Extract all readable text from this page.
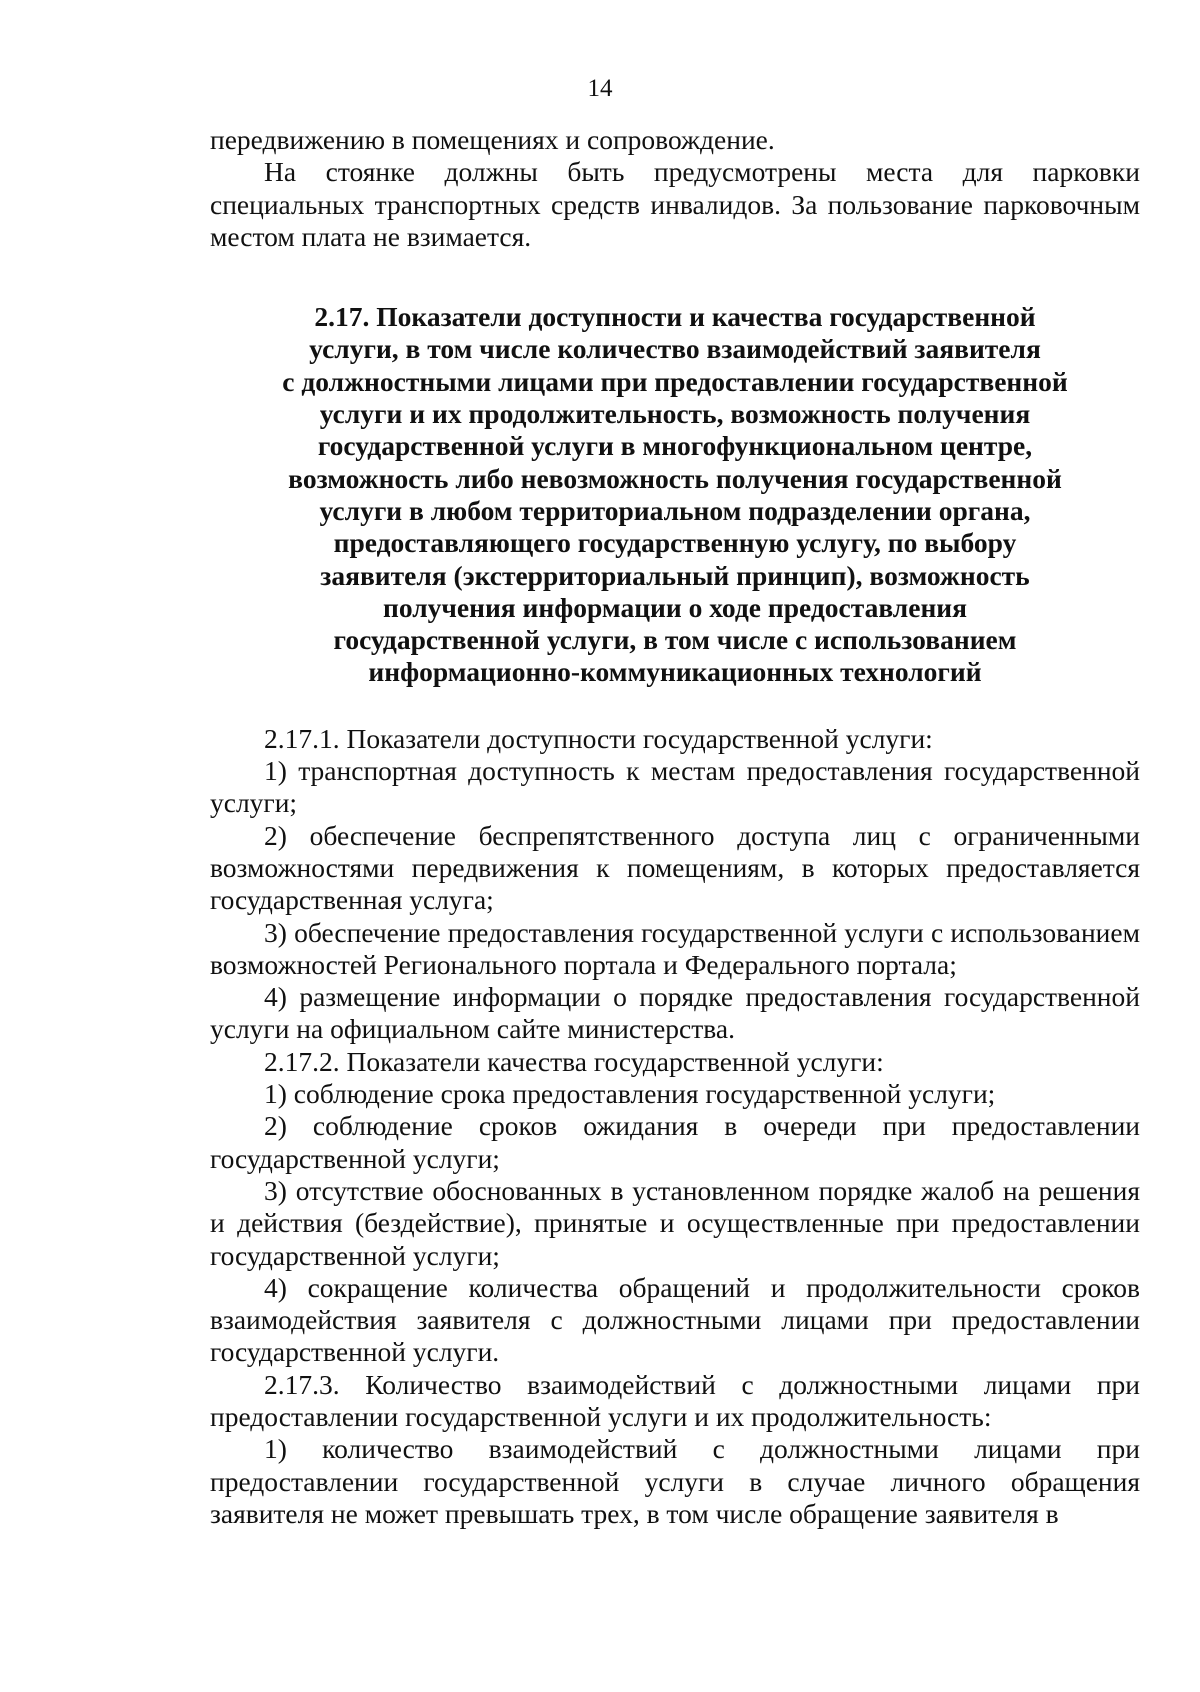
14

передвижению в помещениях и сопровождение.

На стоянке должны быть предусмотрены места для парковки специальных транспортных средств инвалидов. За пользование парковочным местом плата не взимается.

2.17. Показатели доступности и качества государственной
услуги, в том числе количество взаимодействий заявителя
с должностными лицами при предоставлении государственной
услуги и их продолжительность, возможность получения
государственной услуги в многофункциональном центре,
возможность либо невозможность получения государственной
услуги в любом территориальном подразделении органа,
предоставляющего государственную услугу, по выбору
заявителя (экстерриториальный принцип), возможность
получения информации о ходе предоставления
государственной услуги, в том числе с использованием
информационно-коммуникационных технологий

2.17.1. Показатели доступности государственной услуги:

1) транспортная доступность к местам предоставления государственной услуги;

2) обеспечение беспрепятственного доступа лиц с ограниченными возможностями передвижения к помещениям, в которых предоставляется государственная услуга;

3) обеспечение предоставления государственной услуги с использованием возможностей Регионального портала и Федерального портала;

4) размещение информации о порядке предоставления государственной услуги на официальном сайте министерства.

2.17.2. Показатели качества государственной услуги:

1) соблюдение срока предоставления государственной услуги;

2) соблюдение сроков ожидания в очереди при предоставлении государственной услуги;

3) отсутствие обоснованных в установленном порядке жалоб на решения и действия (бездействие), принятые и осуществленные при предоставлении государственной услуги;

4) сокращение количества обращений и продолжительности сроков взаимодействия заявителя с должностными лицами при предоставлении государственной услуги.

2.17.3. Количество взаимодействий с должностными лицами при предоставлении государственной услуги и их продолжительность:

1) количество взаимодействий с должностными лицами при предоставлении государственной услуги в случае личного обращения заявителя не может превышать трех, в том числе обращение заявителя в
